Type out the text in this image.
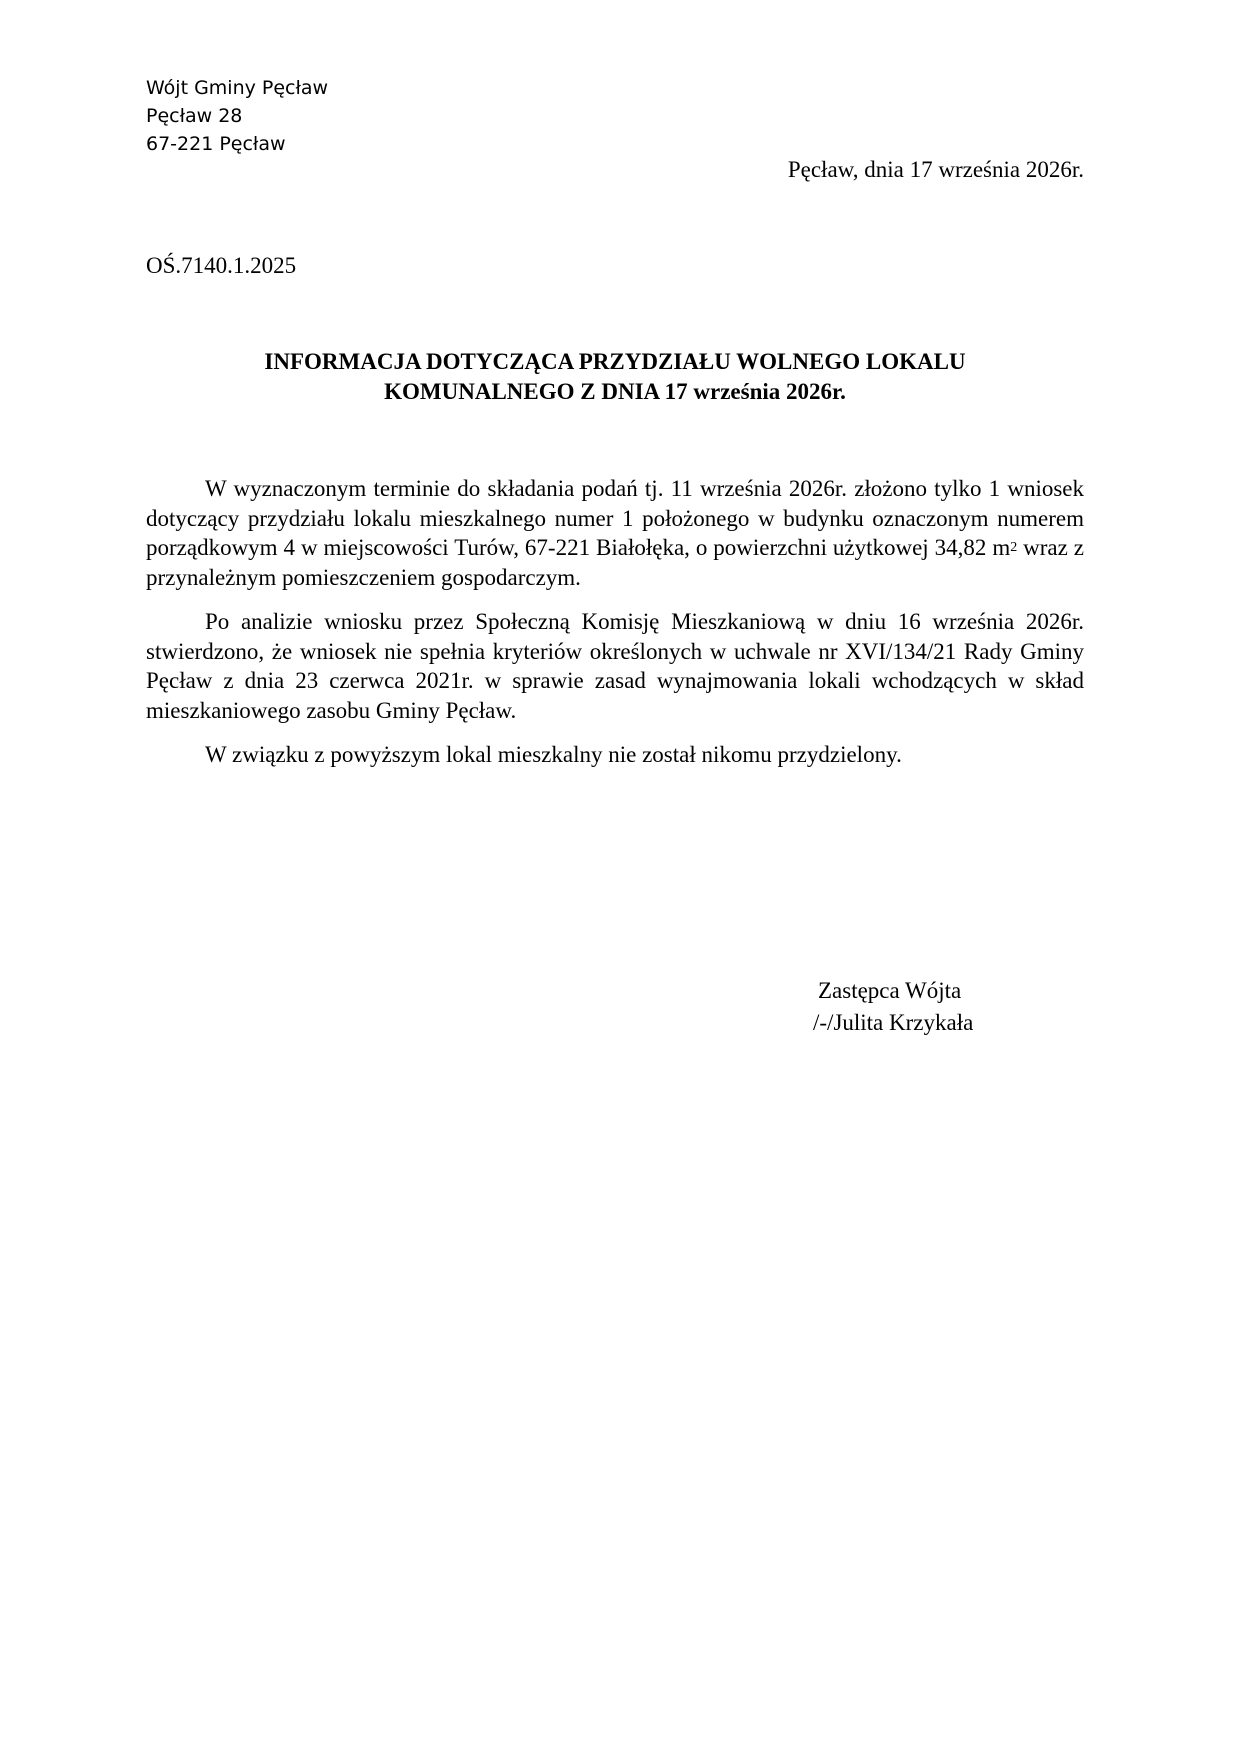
Wójt Gminy Pęcław
Pęcław 28
67-221 Pęcław
Pęcław, dnia 17 września 2026r.
OŚ.7140.1.2025
INFORMACJA DOTYCZĄCA PRZYDZIAŁU WOLNEGO LOKALU
KOMUNALNEGO Z DNIA 17 września 2026r.

W wyznaczonym terminie do składania podań tj. 11 września 2026r. złożono tylko 1 wniosek dotyczący przydziału lokalu mieszkalnego numer 1 położonego w budynku oznaczonym numerem porządkowym 4 w miejscowości Turów, 67-221 Białołęka, o powierzchni użytkowej 34,82 $m^2$ wraz z przynależnym pomieszczeniem gospodarczym.

Po analizie wniosku przez Społeczną Komisję Mieszkaniową w dniu 16 września 2026r. stwierdzono, że wniosek nie spełnia kryteriów określonych w uchwale nr XVI/134/21 Rady Gminy Pęcław z dnia 23 czerwca 2021r. w sprawie zasad wynajmowania lokali wchodzących w skład mieszkaniowego zasobu Gminy Pęcław.

W związku z powyższym lokal mieszkalny nie został nikomu przydzielony.

Zastępca Wójta
/-/Julita Krzykała
